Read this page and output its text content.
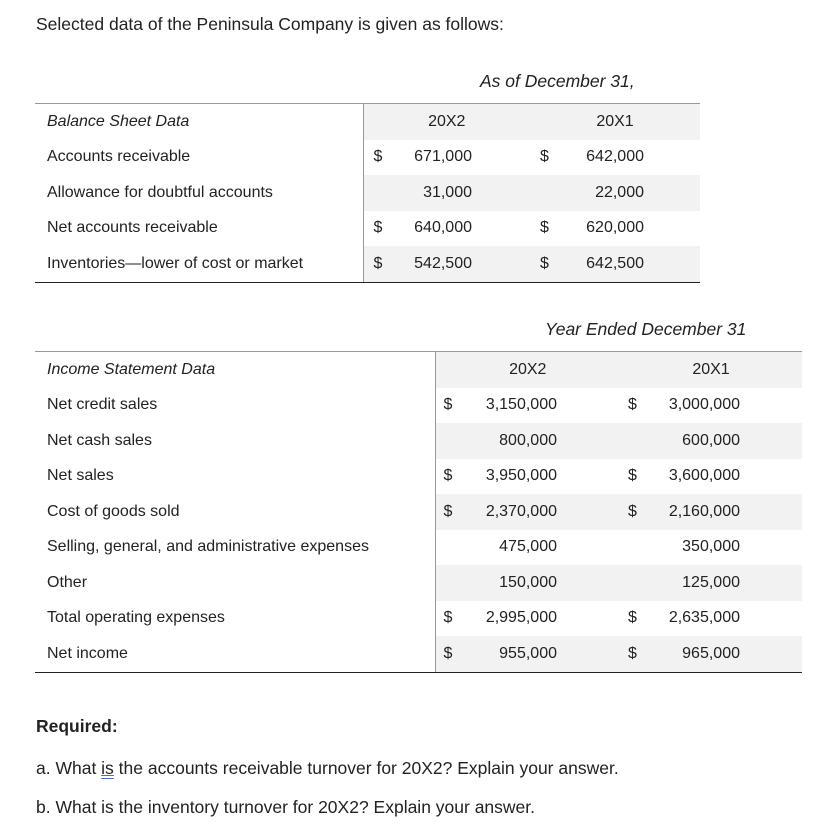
Selected data of the Peninsula Company is given as follows:
As of December 31,
Balance Sheet Data	20X2	20X1
Accounts receivable	$ 671,000	$ 642,000

Allowance for doubtful accounts	31,000	22,000

Net accounts receivable	$ 640,000	$ 620,000

Inventories—lower of cost or market	$ 542,500	$ 642,500
Year Ended December 31
Income Statement Data	20X2	20X1
Net credit sales	$ 3,150,000	$ 3,000,000

Net cash sales	800,000	600,000

Net sales	$ 3,950,000	$ 3,600,000

Cost of goods sold	$ 2,370,000	$ 2,160,000

Selling, general, and administrative expenses	475,000	350,000

Other	150,000	125,000

Total operating expenses	$ 2,995,000	$ 2,635,000

Net income	$ 955,000	$ 965,000
Required:
a. What is the accounts receivable turnover for 20X2? Explain your answer.
b. What is the inventory turnover for 20X2? Explain your answer.
